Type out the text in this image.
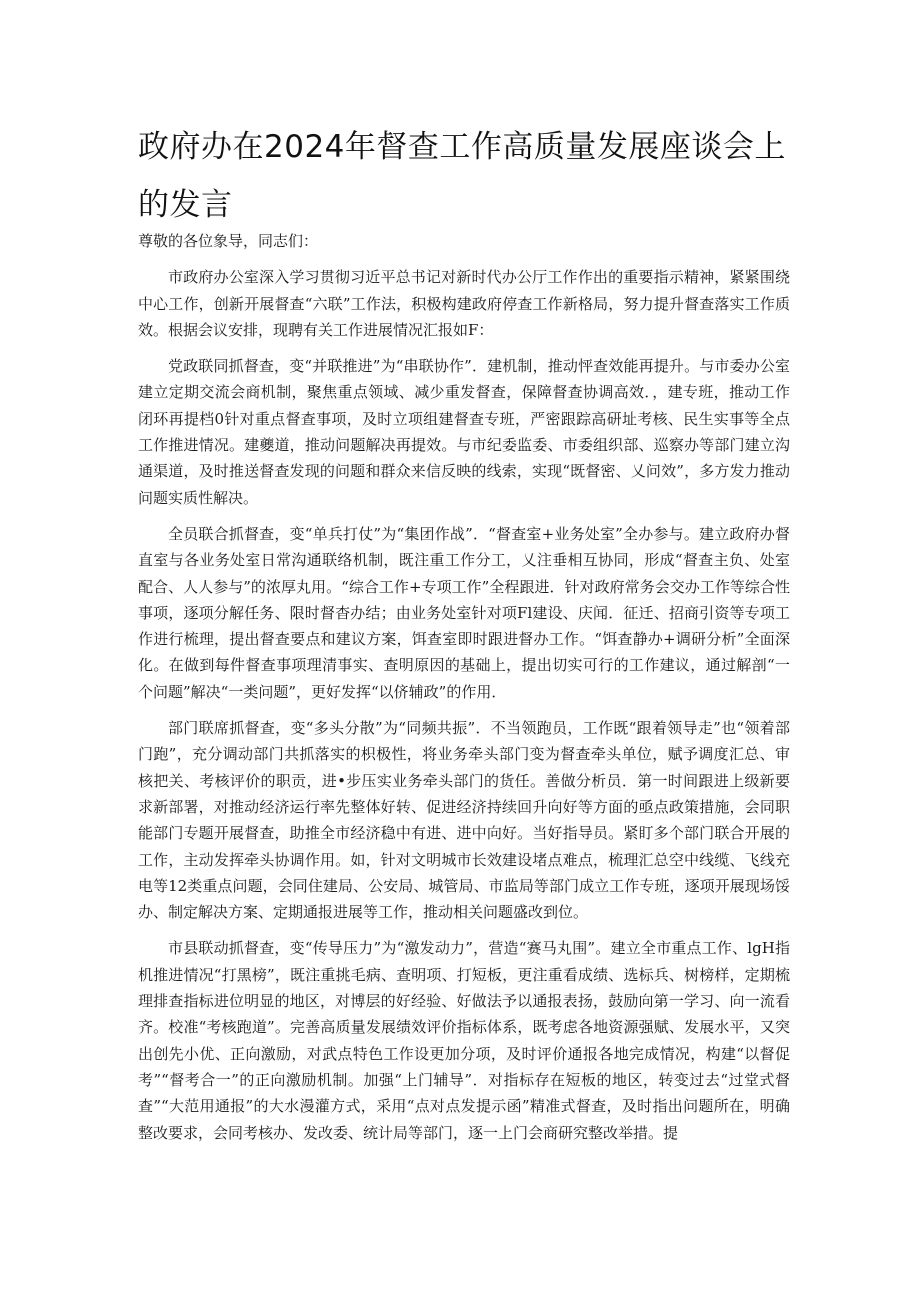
政府办在2024年督查工作高质量发展座谈会上的发言

尊敬的各位象导，同志们：

市政府办公室深入学习贯彻习近平总书记对新时代办公厅工作作出的重要指示精神，紧紧围绕中心工作，创新开展督查“六联”工作法，积极构建政府停查工作新格局，努力提升督查落实工作质效。根据会议安排，现聘有关工作进展情况汇报如F：

党政联同抓督查，变“并联推进”为“串联协作”．建机制，推动怦查效能再提升。与市委办公室建立定期交流会商机制，聚焦重点领域、减少重发督查，保障督查协调高效．，建专班，推动工作闭环再提档0针对重点督查事项，及时立项组建督查专班，严密跟踪高研址考核、民生实事等全点工作推进情况。建夔道，推动问题解决再提效。与市纪委监委、市委组织部、巡察办等部门建立沟通渠道，及时推送督查发现的问题和群众来信反映的线索，实现“既督密、乂问效”，多方发力推动问题实质性解决。

全员联合抓督查，变“单兵打仗”为“集团作战”．“督查室+业务处室”全办参与。建立政府办督直室与各业务处室日常沟通联络机制，既注重工作分工，乂注垂相互协同，形成“督查主负、处室配合、人人参与”的浓厚丸用。“综合工作+专项工作”全程跟进．针对政府常务会交办工作等综合性事项，逐项分解任务、限时督杳办结；由业务处室针对项Fl建设、庆闻．征迁、招商引资等专项工作进行梳理，提出督查要点和建议方案，饵查室即时跟进督办工作。“饵查静办+调研分析”全面深化。在做到每件督查事项理清事实、查明原因的基础上，提出切实可行的工作建议，通过解剖“一个问题”解决“一类问题”，更好发挥“以侪辅政”的作用．

部门联席抓督查，变“多头分散”为“同频共振”．不当领跑员，工作既“跟着领导走”也“领着部门跑”，充分调动部门共抓落实的枳极性，将业务牵头部门变为督查牵头单位，赋予调度汇总、审核把关、考核评价的职贡，进•步压实业务牵头部门的货任。善做分析员．第一时间跟进上级新要求新部署，对推动经济运行率先整体好转、促进经济持续回升向好等方面的亟点政策措施，会同职能部门专题开展督查，助推全市经济稳中有进、进中向好。当好指导员。紧盯多个部门联合开展的工作，主动发挥牵头协调作用。如，针对文明城市长效建设堵点难点，梳理汇总空中线缆、飞线充电等12类重点问题，会同住建局、公安局、城管局、市监局等部门成立工作专班，逐项开展现场馁办、制定解决方案、定期通报进展等工作，推动相关问题盛改到位。

市县联动抓督查，变“传导压力”为“激发动力”，营造“赛马丸围”。建立全市重点工作、lgH指机推进情况“打黑榜”，既注重挑毛病、查明项、打短板，更注重看成绩、选标兵、树榜样，定期梳理排查指标进位明显的地区，对博层的好经验、好做法予以通报表扬，鼓励向第一学习、向一流看齐。校准“考核跑道”。完善高质量发展绩效评价指标体系，既考虑各地资源强赋、发展水平，又突出创先小优、正向激励，对武点特色工作设更加分项，及时评价通报各地完成情况，构建“以督促考”“督考合一”的正向激励机制。加强“上门辅导”．对指标存在短板的地区，转变过去“过堂式督查”“大范用通报”的大水漫灌方式，采用“点对点发提示函”精准式督查，及时指出问题所在，明确整改要求，会同考核办、发改委、统计局等部门，逐一上门会商研究整改举措。提
